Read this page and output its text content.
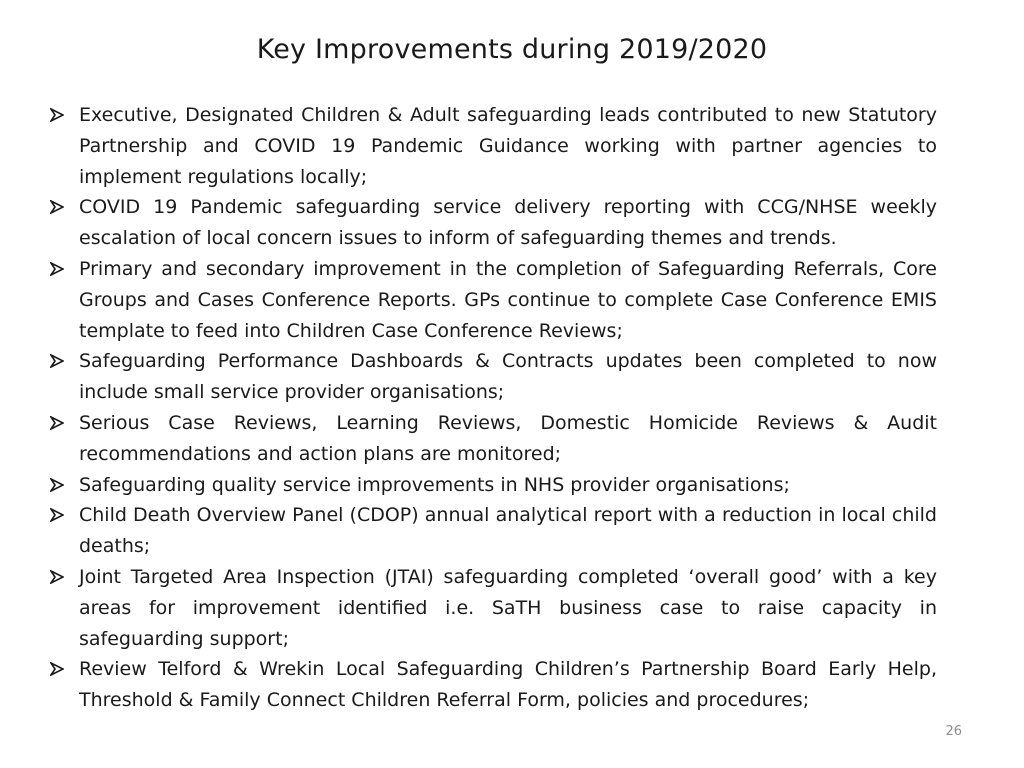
Key Improvements during 2019/2020
Executive, Designated Children & Adult safeguarding leads contributed to new Statutory Partnership and COVID 19 Pandemic Guidance working with partner agencies to implement regulations locally;
COVID 19 Pandemic safeguarding service delivery reporting with CCG/NHSE weekly escalation of local concern issues to inform of safeguarding themes and trends.
Primary and secondary improvement in the completion of Safeguarding Referrals, Core Groups and Cases Conference Reports. GPs continue to complete Case Conference EMIS template to feed into Children Case Conference Reviews;
Safeguarding Performance Dashboards & Contracts updates been completed to now include small service provider organisations;
Serious Case Reviews, Learning Reviews, Domestic Homicide Reviews & Audit recommendations and action plans are monitored;
Safeguarding quality service improvements in NHS provider organisations;
Child Death Overview Panel (CDOP) annual analytical report with a reduction in local child deaths;
Joint Targeted Area Inspection (JTAI) safeguarding completed ‘overall good’ with a key areas for improvement identified i.e. SaTH business case to raise capacity in safeguarding support;
Review Telford & Wrekin Local Safeguarding Children’s Partnership Board Early Help, Threshold & Family Connect Children Referral Form, policies and procedures;
26
